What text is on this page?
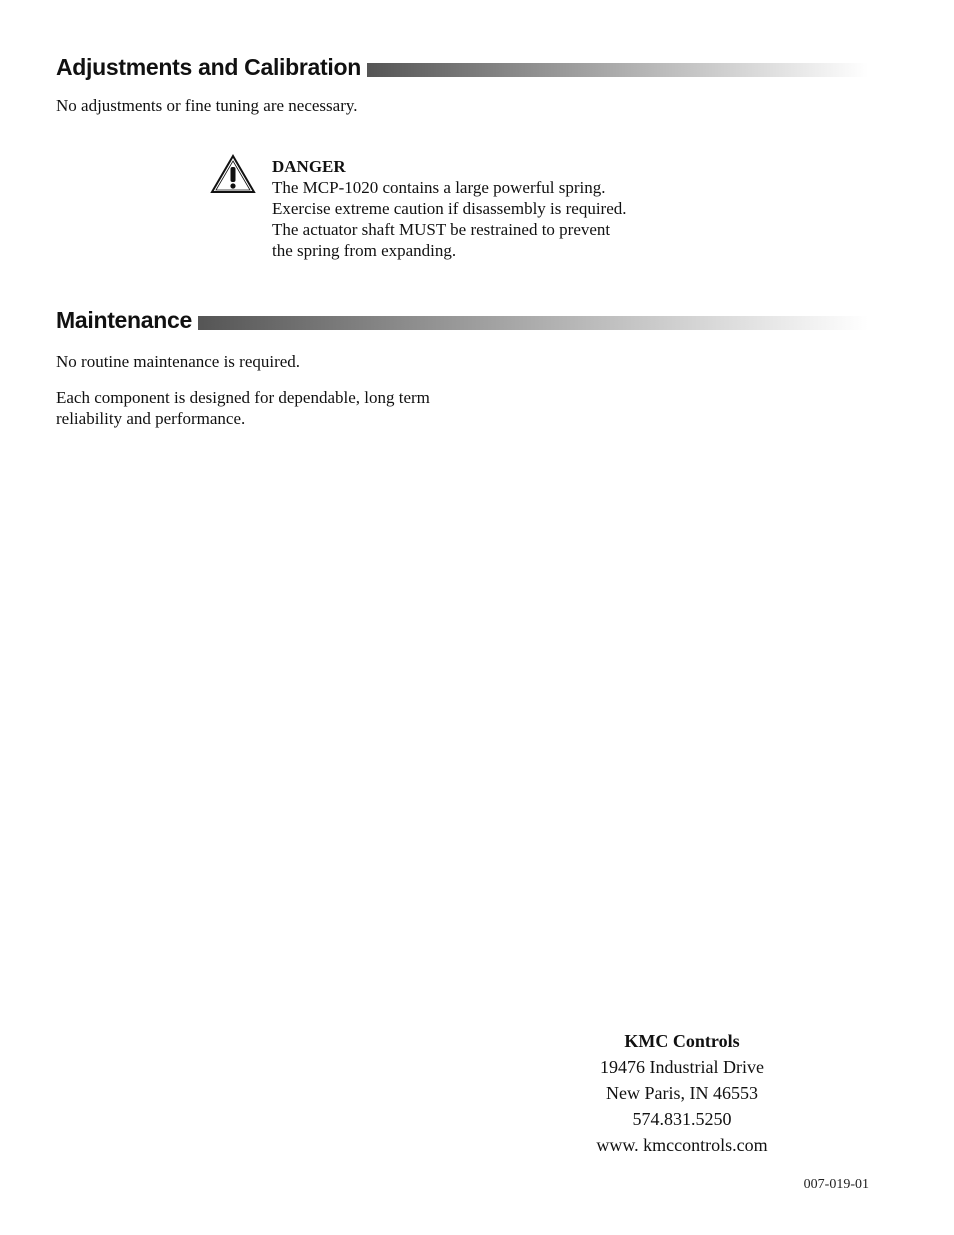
Adjustments and Calibration

No adjustments or fine tuning are necessary.

DANGER
The MCP-1020 contains a large powerful spring.
Exercise extreme caution if disassembly is required.
The actuator shaft MUST be restrained to prevent
the spring from expanding.
Maintenance

No routine maintenance is required.

Each component is designed for dependable, long term reliability and performance.

KMC Controls
19476 Industrial Drive
New Paris, IN 46553
574.831.5250
www. kmccontrols.com
007-019-01
